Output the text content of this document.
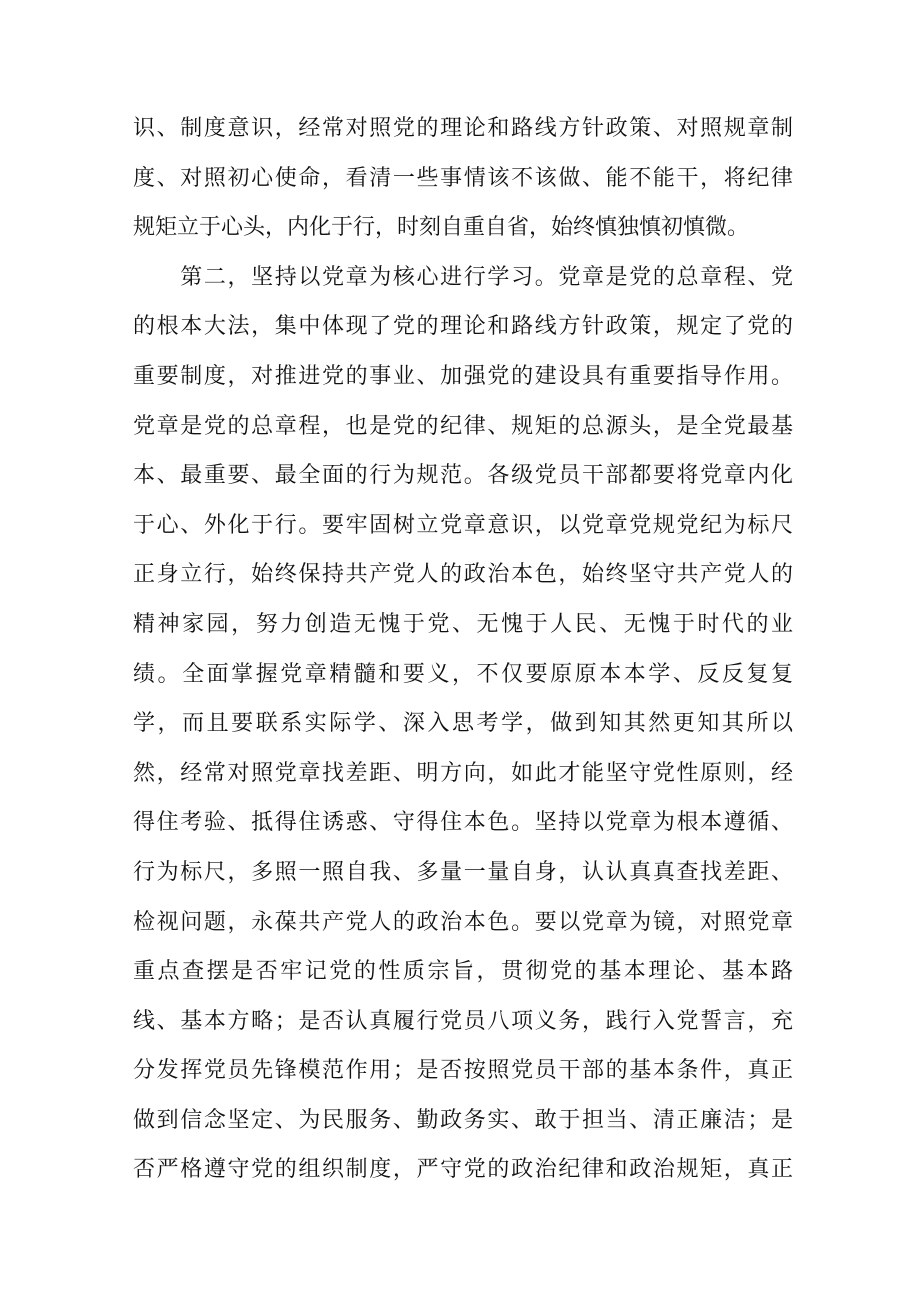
识、制度意识，经常对照党的理论和路线方针政策、对照规章制
度、对照初心使命，看清一些事情该不该做、能不能干，将纪律
规矩立于心头，内化于行，时刻自重自省，始终慎独慎初慎微。
　　第二，坚持以党章为核心进行学习。党章是党的总章程、党
的根本大法，集中体现了党的理论和路线方针政策，规定了党的
重要制度，对推进党的事业、加强党的建设具有重要指导作用。
党章是党的总章程，也是党的纪律、规矩的总源头，是全党最基
本、最重要、最全面的行为规范。各级党员干部都要将党章内化
于心、外化于行。要牢固树立党章意识，以党章党规党纪为标尺
正身立行，始终保持共产党人的政治本色，始终坚守共产党人的
精神家园，努力创造无愧于党、无愧于人民、无愧于时代的业
绩。全面掌握党章精髓和要义，不仅要原原本本学、反反复复
学，而且要联系实际学、深入思考学，做到知其然更知其所以
然，经常对照党章找差距、明方向，如此才能坚守党性原则，经
得住考验、抵得住诱惑、守得住本色。坚持以党章为根本遵循、
行为标尺，多照一照自我、多量一量自身，认认真真查找差距、
检视问题，永葆共产党人的政治本色。要以党章为镜，对照党章
重点查摆是否牢记党的性质宗旨，贯彻党的基本理论、基本路
线、基本方略；是否认真履行党员八项义务，践行入党誓言，充
分发挥党员先锋模范作用；是否按照党员干部的基本条件，真正
做到信念坚定、为民服务、勤政务实、敢于担当、清正廉洁；是
否严格遵守党的组织制度，严守党的政治纪律和政治规矩，真正
